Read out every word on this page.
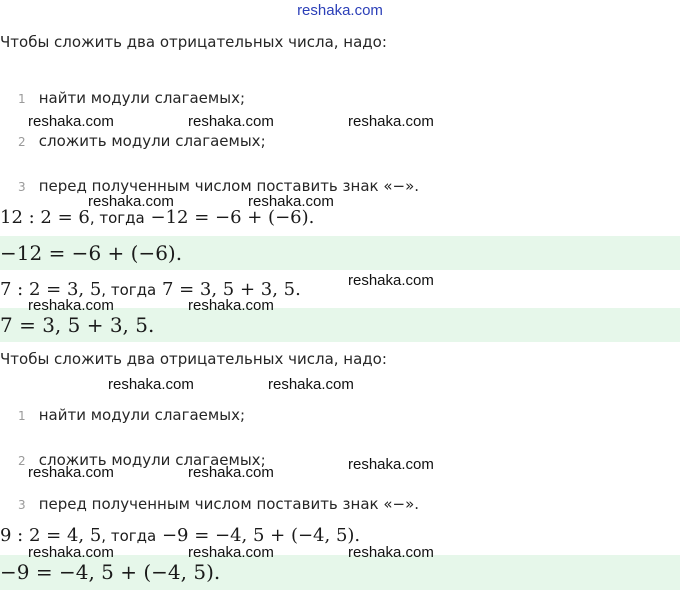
reshaka.com
Чтобы сложить два отрицательных числа, надо:
1 найти модули слагаемых;
2 сложить модули слагаемых;
3 перед полученным числом поставить знак «−».
12 : 2 = 6, тогда −12 = −6 + (−6).
−12 = −6 + (−6).
7 : 2 = 3, 5, тогда 7 = 3, 5 + 3, 5.
7 = 3, 5 + 3, 5.
Чтобы сложить два отрицательных числа, надо:
1 найти модули слагаемых;
2 сложить модули слагаемых;
3 перед полученным числом поставить знак «−».
9 : 2 = 4, 5, тогда −9 = −4, 5 + (−4, 5).
−9 = −4, 5 + (−4, 5).
reshaka.com	reshaka.com	reshaka.com
reshaka.com	reshaka.com
reshaka.com
reshaka.com	reshaka.com
reshaka.com	reshaka.com
reshaka.com
reshaka.com	reshaka.com
reshaka.com	reshaka.com	reshaka.com
